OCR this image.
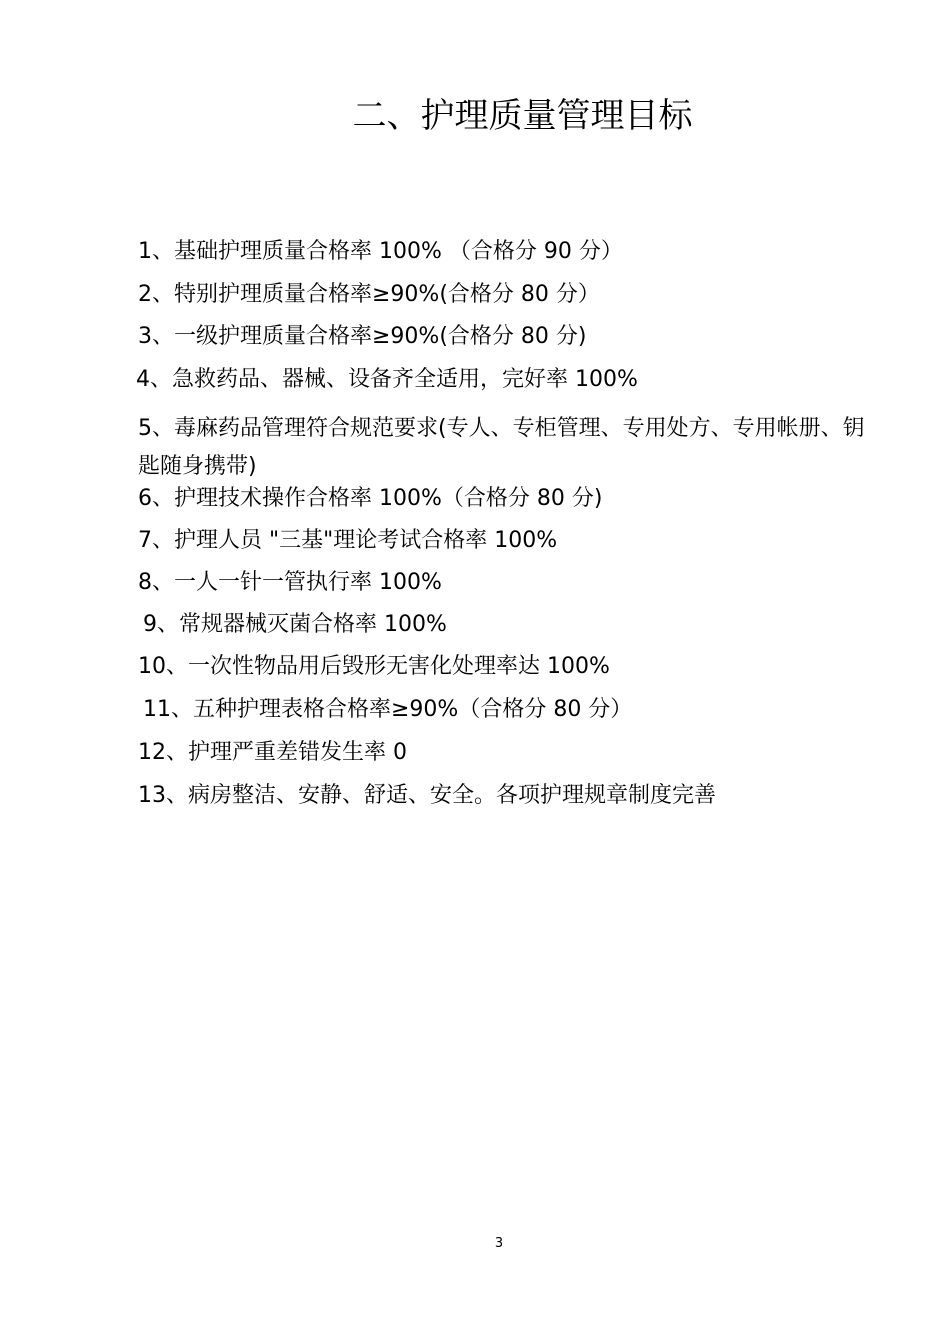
二、护理质量管理目标
1、基础护理质量合格率 100% （合格分 90 分）
2、特别护理质量合格率≥90%(合格分 80 分）
3、一级护理质量合格率≥90%(合格分 80 分)
4、急救药品、器械、设备齐全适用，完好率 100%
5、毒麻药品管理符合规范要求(专人、专柜管理、专用处方、专用帐册、钥匙随身携带)
6、护理技术操作合格率 100%（合格分 80 分)
7、护理人员 "三基"理论考试合格率 100%
8、一人一针一管执行率 100%
9、常规器械灭菌合格率 100%
10、一次性物品用后毁形无害化处理率达 100%
11、五种护理表格合格率≥90%（合格分 80 分）
12、护理严重差错发生率 0
13、病房整洁、安静、舒适、安全。各项护理规章制度完善
3
